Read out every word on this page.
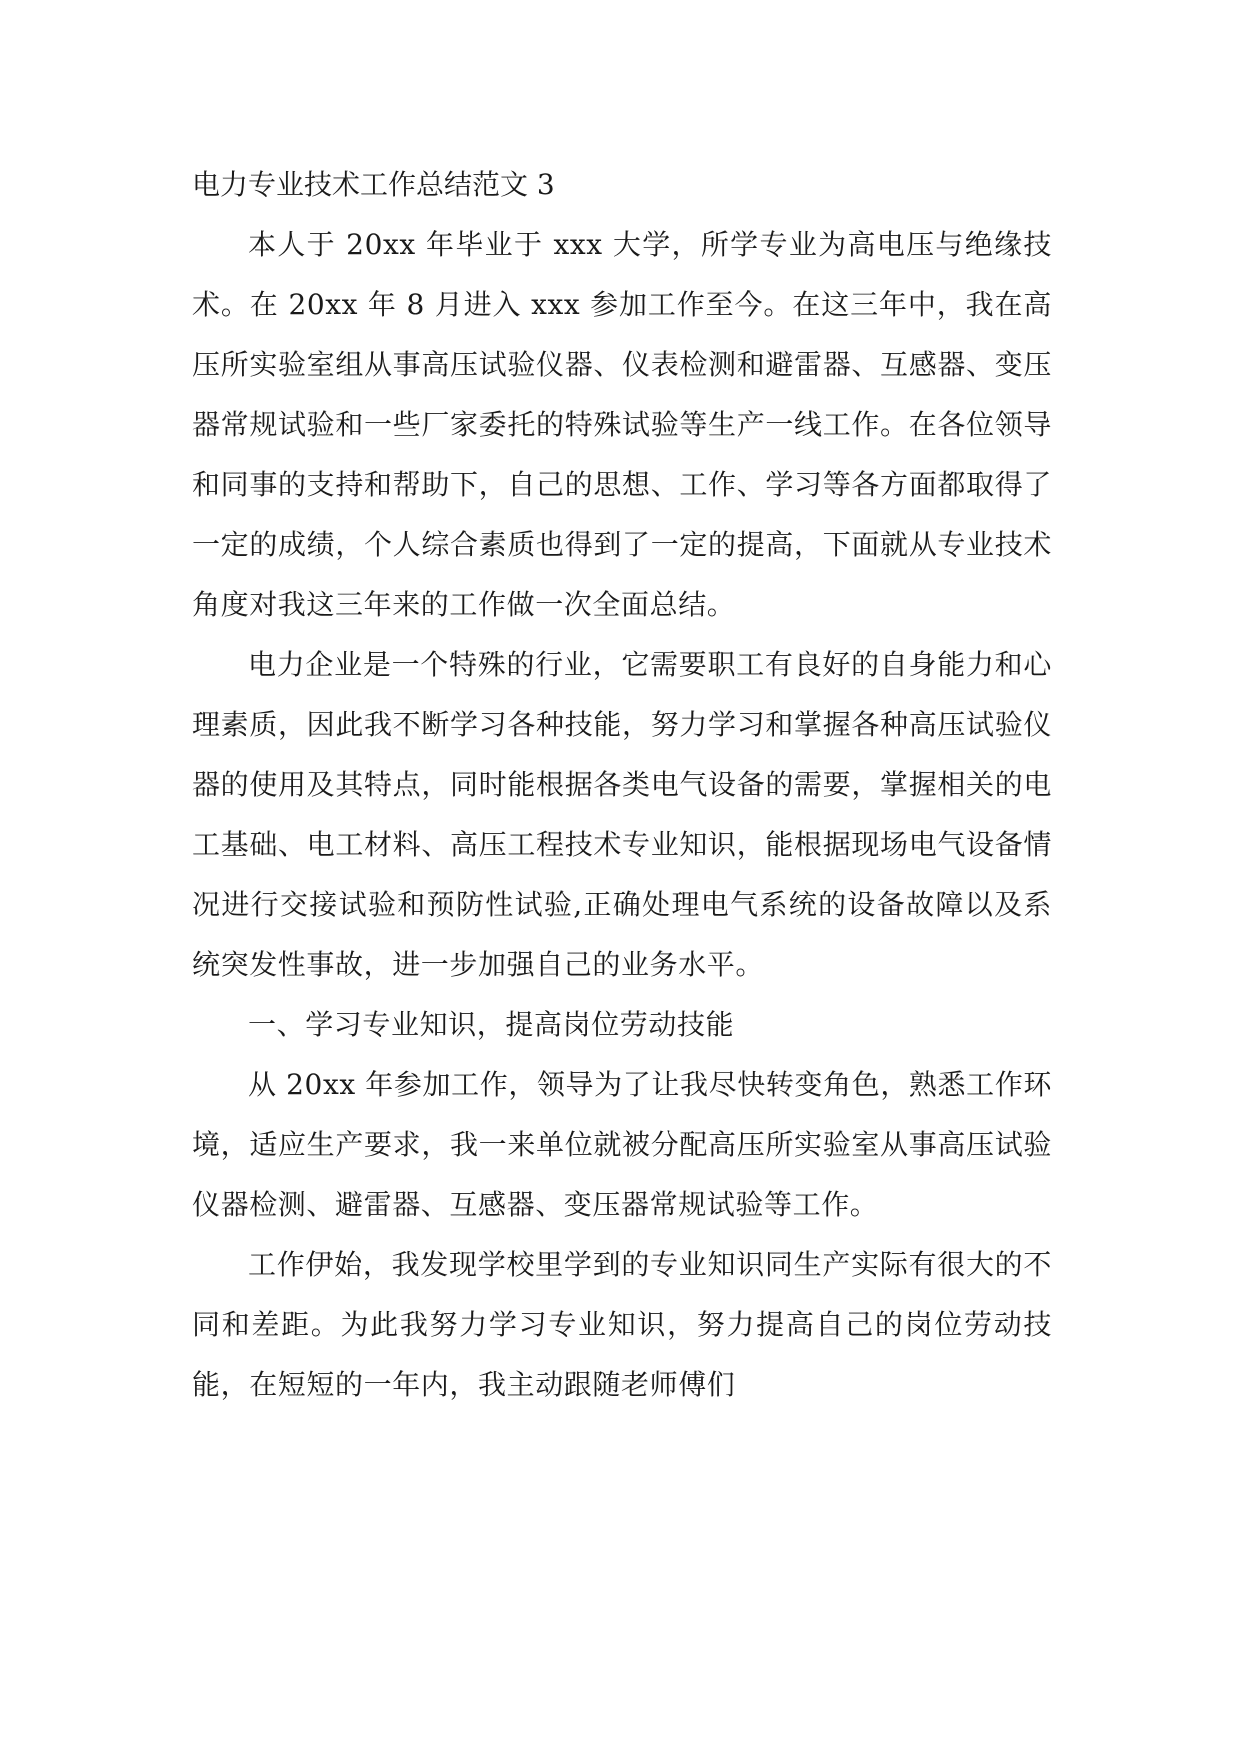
电力专业技术工作总结范文 3

本人于 20xx 年毕业于 xxx 大学，所学专业为高电压与绝缘技术。在 20xx 年 8 月进入 xxx 参加工作至今。在这三年中，我在高压所实验室组从事高压试验仪器、仪表检测和避雷器、互感器、变压器常规试验和一些厂家委托的特殊试验等生产一线工作。在各位领导和同事的支持和帮助下，自己的思想、工作、学习等各方面都取得了一定的成绩，个人综合素质也得到了一定的提高，下面就从专业技术角度对我这三年来的工作做一次全面总结。

电力企业是一个特殊的行业，它需要职工有良好的自身能力和心理素质，因此我不断学习各种技能，努力学习和掌握各种高压试验仪器的使用及其特点，同时能根据各类电气设备的需要，掌握相关的电工基础、电工材料、高压工程技术专业知识，能根据现场电气设备情况进行交接试验和预防性试验,正确处理电气系统的设备故障以及系统突发性事故，进一步加强自己的业务水平。

一、学习专业知识，提高岗位劳动技能

从 20xx 年参加工作，领导为了让我尽快转变角色，熟悉工作环境，适应生产要求，我一来单位就被分配高压所实验室从事高压试验仪器检测、避雷器、互感器、变压器常规试验等工作。

工作伊始，我发现学校里学到的专业知识同生产实际有很大的不同和差距。为此我努力学习专业知识，努力提高自己的岗位劳动技能，在短短的一年内，我主动跟随老师傅们
